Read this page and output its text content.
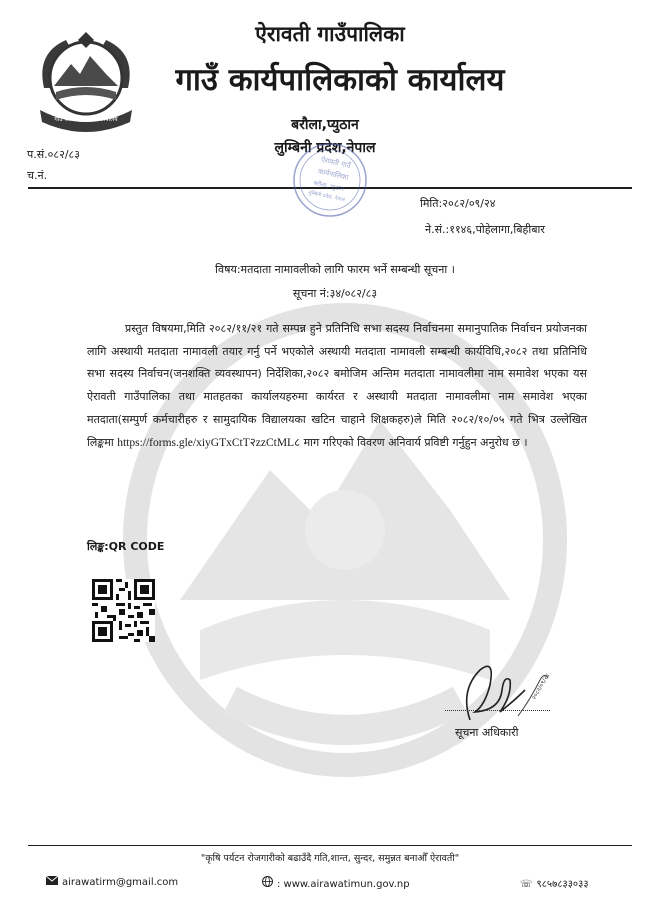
गाउँ कार्यपालिकाको कार्यालय
ऐरावती गाउँपालिका
गाउँ कार्यपालिकाको कार्यालय
बरौला,प्युठान
लुम्बिनी प्रदेश,नेपाल
प.सं.०८२/८३
च.नं.
ऐरावती गाउँ
कार्यपालिका
बरौला, प्युठान
लुम्बिनी प्रदेश, नेपाल
मिति:२०८२/०९/२४
ने.सं.:११४६,पोहेलागा,बिहीबार
विषय:मतदाता नामावलीको लागि फारम भर्ने सम्बन्धी सूचना ।
सूचना नं:३४/०८२/८३
प्रस्तुत विषयमा,मिति २०८२/११/२१ गते सम्पन्न हुने प्रतिनिधि सभा सदस्य निर्वाचनमा समानुपातिक निर्वाचन प्रयोजनका लागि अस्थायी मतदाता नामावली तयार गर्नु पर्ने भएकोले अस्थायी मतदाता नामावली सम्बन्धी कार्यविधि,२०८२ तथा प्रतिनिधि सभा सदस्य निर्वाचन(जनशक्ति व्यवस्थापन) निर्देशिका,२०८२ बमोजिम अन्तिम मतदाता नामावलीमा नाम समावेश भएका यस ऐरावती गाउँपालिका तथा मातहतका कार्यालयहरुमा कार्यरत र अस्थायी मतदाता नामावलीमा नाम समावेश भएका मतदाता(सम्पुर्ण कर्मचारीहरु र सामुदायिक विद्यालयका खटिन चाहाने शिक्षकहरु)ले मिति २०८२/१०/०५ गते भित्र उल्लेखित लिङ्कमा https://forms.gle/xiyGTxCtT२zzCtML८ माग गरिएको विवरण अनिवार्य प्रविष्टी गर्नुहुन अनुरोध छ ।
लिङ्क:QR CODE
२०८२/०९/२४
सूचना अधिकारी
"कृषि पर्यटन रोजगारीको बढाउँदै गति,शान्त, सुन्दर, समुन्नत बनाऔँ ऐरावती"
airawatirm@gmail.com	: www.airawatimun.gov.np	☏ ९८५७८३३०३३
